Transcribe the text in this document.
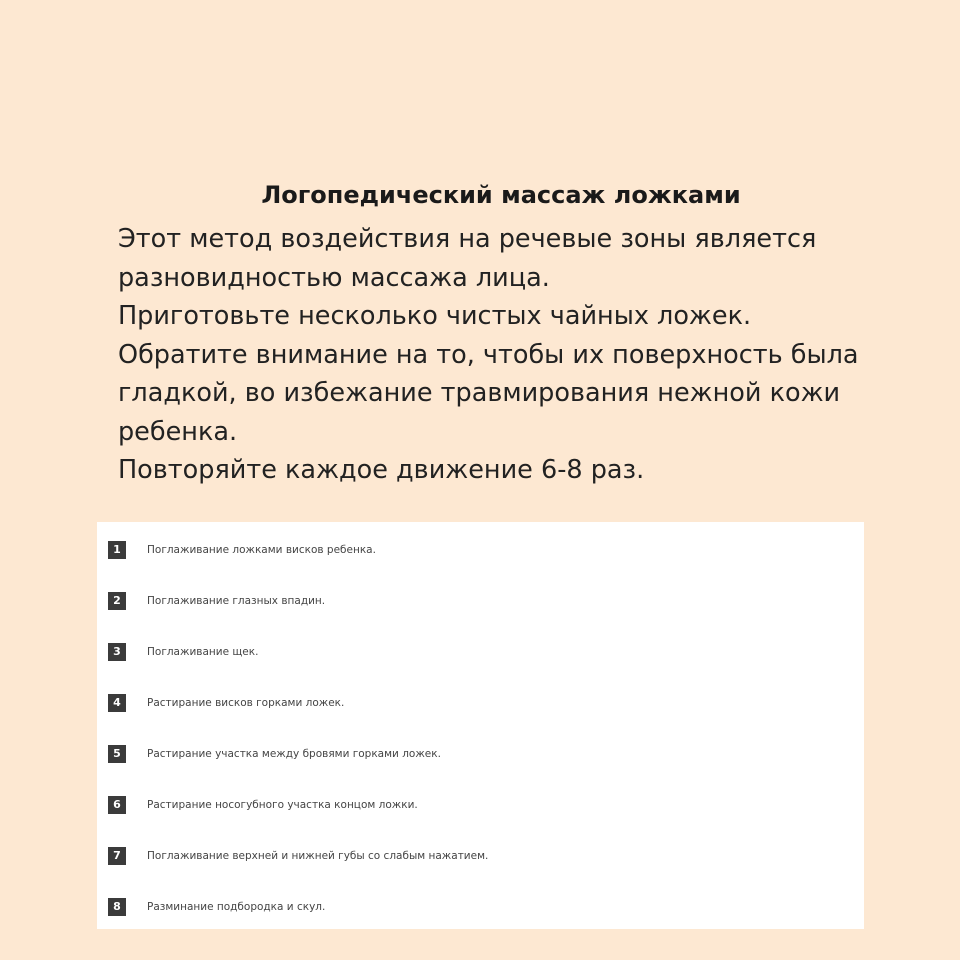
Логопедический массаж ложками

Этот метод воздействия на речевые зоны является разновидностью массажа лица.

Приготовьте несколько чистых чайных ложек.

Обратите внимание на то, чтобы их поверхность была гладкой, во избежание травмирования нежной кожи ребенка.

Повторяйте каждое движение 6-8 раз.

1	Поглаживание ложками висков ребенка.
2	Поглаживание глазных впадин.
3	Поглаживание щек.
4	Растирание висков горками ложек.
5	Растирание участка между бровями горками ложек.
6	Растирание носогубного участка концом ложки.
7	Поглаживание верхней и нижней губы со слабым нажатием.
8	Разминание подбородка и скул.
